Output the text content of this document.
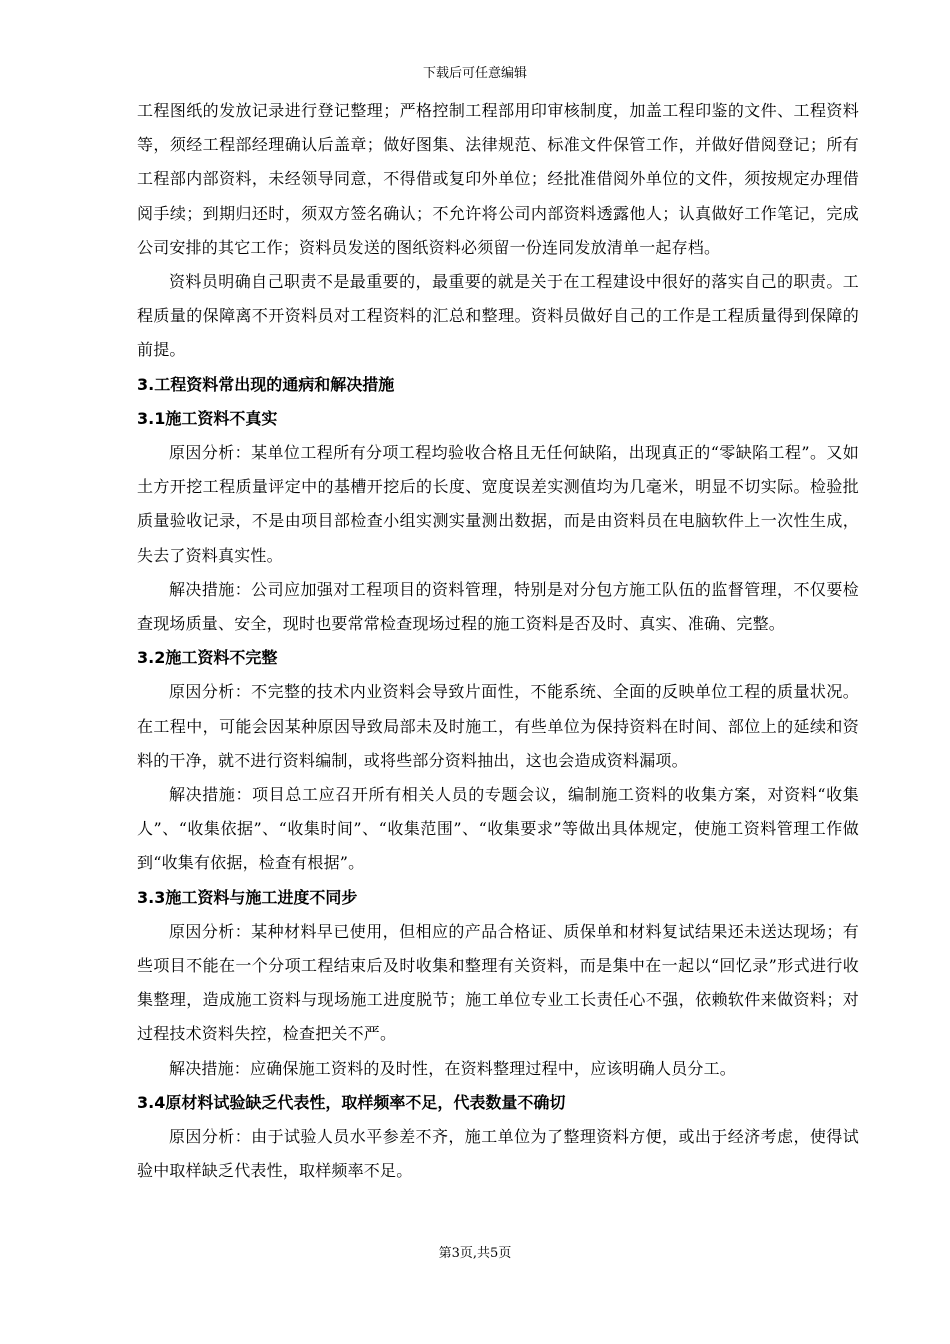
下载后可任意编辑

工程图纸的发放记录进行登记整理；严格控制工程部用印审核制度，加盖工程印鉴的文件、工程资料等，须经工程部经理确认后盖章；做好图集、法律规范、标准文件保管工作，并做好借阅登记；所有工程部内部资料，未经领导同意，不得借或复印外单位；经批准借阅外单位的文件，须按规定办理借阅手续；到期归还时，须双方签名确认；不允许将公司内部资料透露他人；认真做好工作笔记，完成公司安排的其它工作；资料员发送的图纸资料必须留一份连同发放清单一起存档。

资料员明确自己职责不是最重要的，最重要的就是关于在工程建设中很好的落实自己的职责。工程质量的保障离不开资料员对工程资料的汇总和整理。资料员做好自己的工作是工程质量得到保障的前提。

3.工程资料常出现的通病和解决措施

3.1施工资料不真实

原因分析：某单位工程所有分项工程均验收合格且无任何缺陷，出现真正的“零缺陷工程”。又如土方开挖工程质量评定中的基槽开挖后的长度、宽度误差实测值均为几毫米，明显不切实际。检验批质量验收记录，不是由项目部检查小组实测实量测出数据，而是由资料员在电脑软件上一次性生成，失去了资料真实性。

解决措施：公司应加强对工程项目的资料管理，特别是对分包方施工队伍的监督管理，不仅要检查现场质量、安全，现时也要常常检查现场过程的施工资料是否及时、真实、准确、完整。

3.2施工资料不完整

原因分析：不完整的技术内业资料会导致片面性，不能系统、全面的反映单位工程的质量状况。在工程中，可能会因某种原因导致局部未及时施工，有些单位为保持资料在时间、部位上的延续和资料的干净，就不进行资料编制，或将些部分资料抽出，这也会造成资料漏项。

解决措施：项目总工应召开所有相关人员的专题会议，编制施工资料的收集方案，对资料“收集人”、“收集依据”、“收集时间”、“收集范围”、“收集要求”等做出具体规定，使施工资料管理工作做到“收集有依据，检查有根据”。

3.3施工资料与施工进度不同步

原因分析：某种材料早已使用，但相应的产品合格证、质保单和材料复试结果还未送达现场；有些项目不能在一个分项工程结束后及时收集和整理有关资料，而是集中在一起以“回忆录”形式进行收集整理，造成施工资料与现场施工进度脱节；施工单位专业工长责任心不强，依赖软件来做资料；对过程技术资料失控，检查把关不严。

解决措施：应确保施工资料的及时性，在资料整理过程中，应该明确人员分工。

3.4原材料试验缺乏代表性，取样频率不足，代表数量不确切

原因分析：由于试验人员水平参差不齐，施工单位为了整理资料方便，或出于经济考虑，使得试验中取样缺乏代表性，取样频率不足。

第3页,共5页
